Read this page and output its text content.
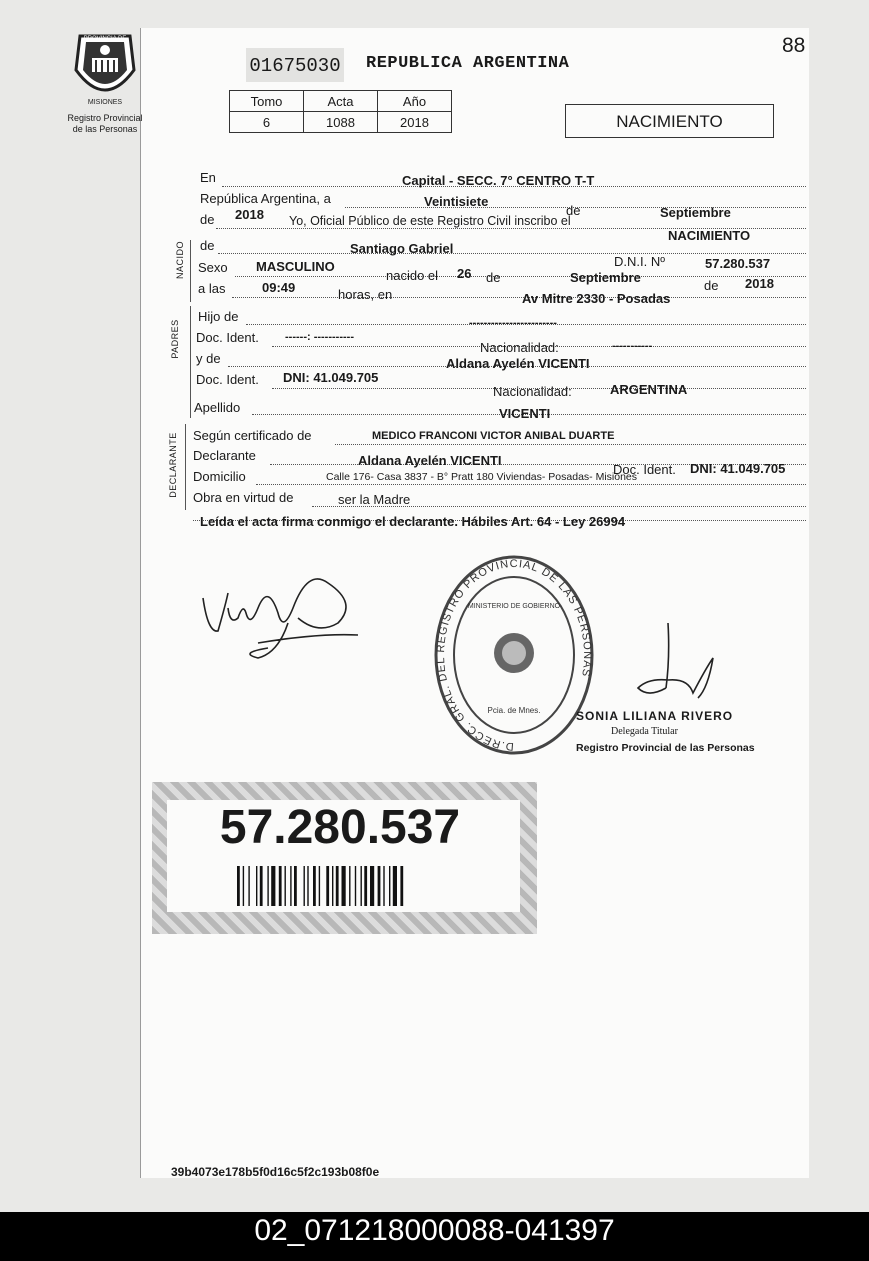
PROVINCIA DE
MISIONES
Registro Provincial
de las Personas
88
01675030 REPUBLICA ARGENTINA
Tomo	Acta	Año
6	1088	2018	NACIMIENTO
NACIDO
PADRES
DECLARANTE
En	Capital - SECC. 7° CENTRO T-T
República Argentina, a	Veintisiete
de	Septiembre
de 2018 Yo, Oficial Público de este Registro Civil inscribo el
NACIMIENTO
de	Santiago Gabriel
D.N.I. Nº	57.280.537
Sexo MASCULINO
nacido el 26 de	Septiembre
de 2018
a las	09:49	horas, en	Av Mitre 2330 - Posadas
Hijo de	------------------------
Doc. Ident. ------: -----------
Nacionalidad:	-----------
y de	Aldana Ayelén VICENTI
Doc. Ident. DNI: 41.049.705
Nacionalidad:	ARGENTINA
Apellido	VICENTI
Según certificado de	MEDICO FRANCONI VICTOR ANIBAL DUARTE
Declarante	Aldana Ayelén VICENTI
Doc. Ident. DNI: 41.049.705
Domicilio	Calle 176- Casa 3837 - B° Pratt 180 Viviendas- Posadas- Misiones
Obra en virtud de	ser la Madre
Leída el acta firma conmigo el declarante. Hábiles Art. 64 - Ley 26994
D.RECC. GRAL. DEL REGISTRO PROVINCIAL DE LAS PERSONAS
MINISTERIO DE GOBIERNO
Pcia. de Mnes.	SONIA LILIANA RIVERO
Delegada Titular
Registro Provincial de las Personas
57.280.537
39b4073e178b5f0d16c5f2c193b08f0e
02_071218000088-041397
